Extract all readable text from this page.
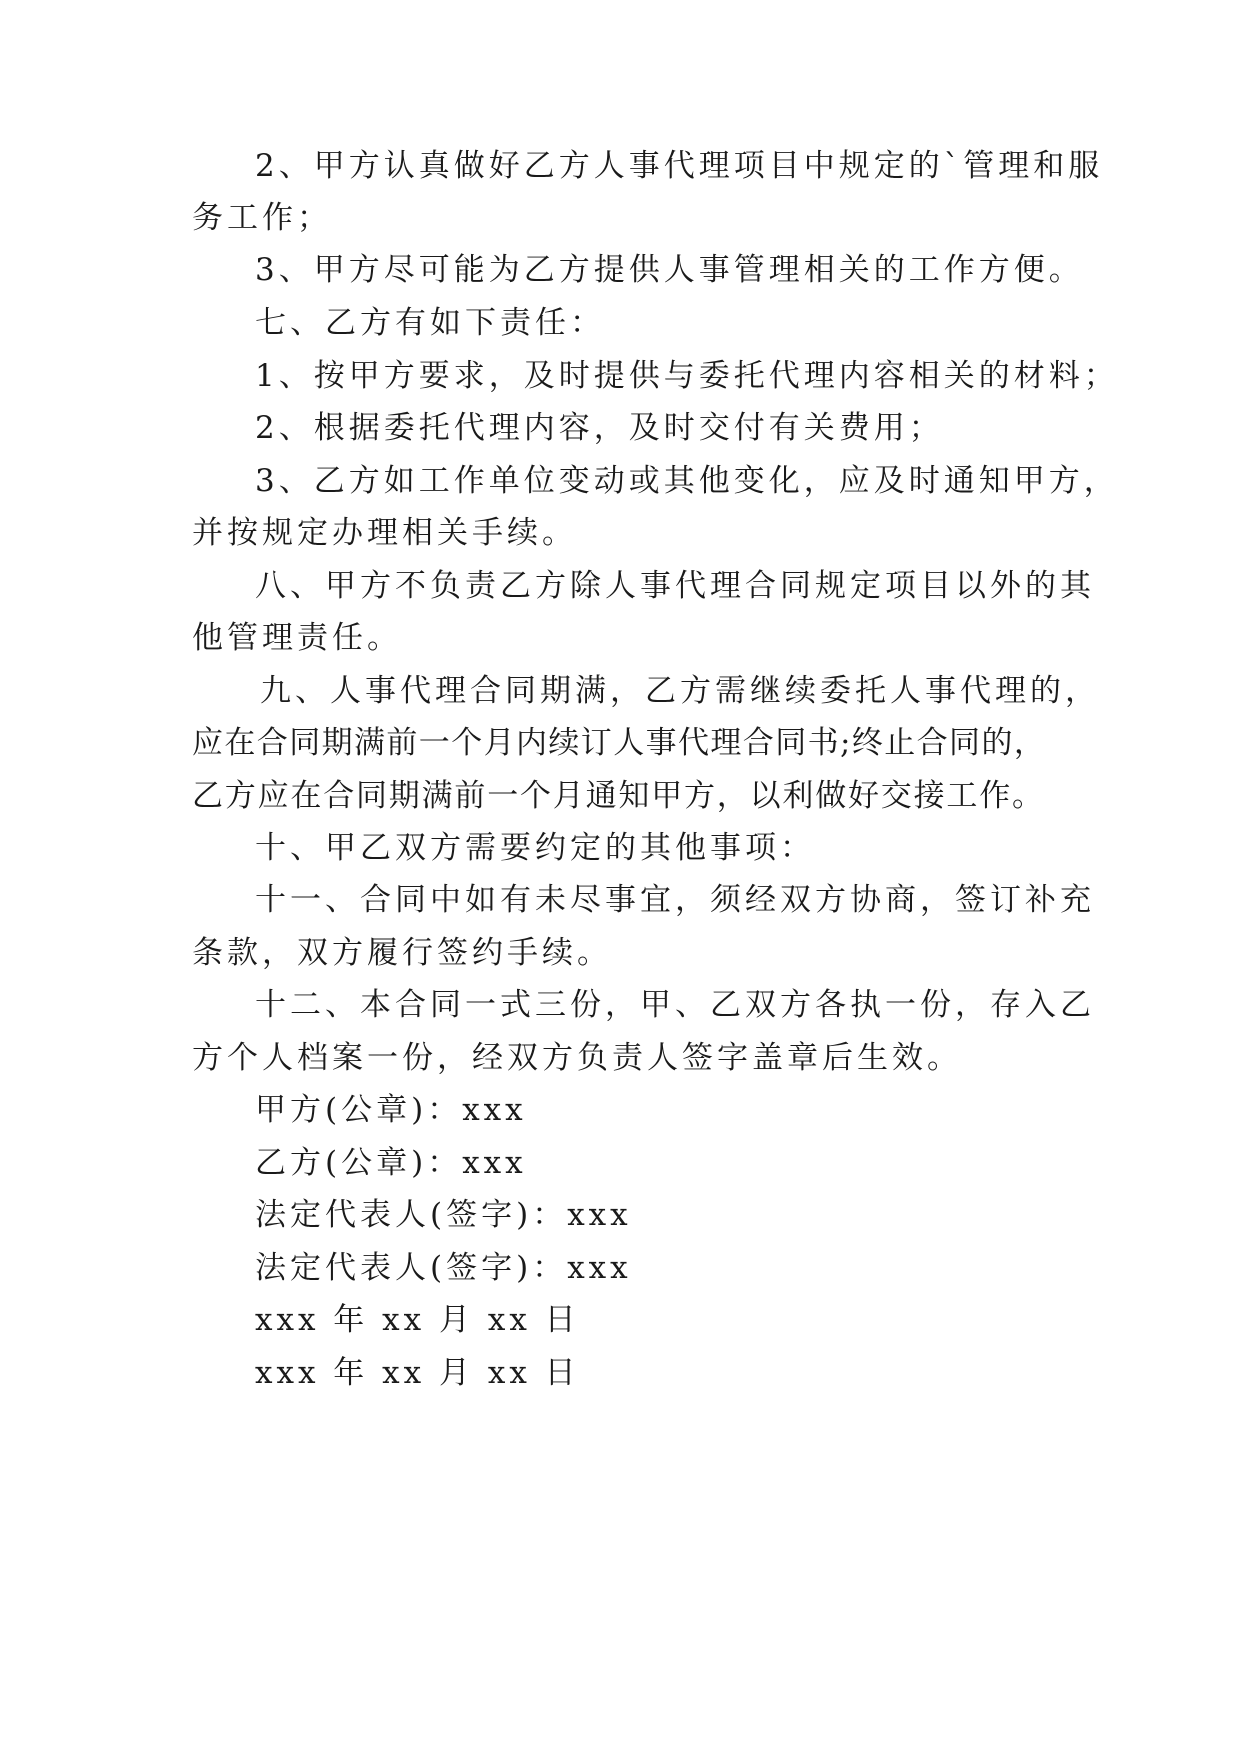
2、甲方认真做好乙方人事代理项目中规定的`管理和服
务工作；
3、甲方尽可能为乙方提供人事管理相关的工作方便。
七、乙方有如下责任：
1、按甲方要求，及时提供与委托代理内容相关的材料；
2、根据委托代理内容，及时交付有关费用；
3、乙方如工作单位变动或其他变化，应及时通知甲方，
并按规定办理相关手续。
八、甲方不负责乙方除人事代理合同规定项目以外的其
他管理责任。
九、人事代理合同期满，乙方需继续委托人事代理的，
应在合同期满前一个月内续订人事代理合同书;终止合同的，
乙方应在合同期满前一个月通知甲方，以利做好交接工作。
十、甲乙双方需要约定的其他事项：
十一、合同中如有未尽事宜，须经双方协商，签订补充
条款，双方履行签约手续。
十二、本合同一式三份，甲、乙双方各执一份，存入乙
方个人档案一份，经双方负责人签字盖章后生效。
甲方(公章)：xxx
乙方(公章)：xxx
法定代表人(签字)：xxx
法定代表人(签字)：xxx
xxx 年 xx 月 xx 日
xxx 年 xx 月 xx 日
